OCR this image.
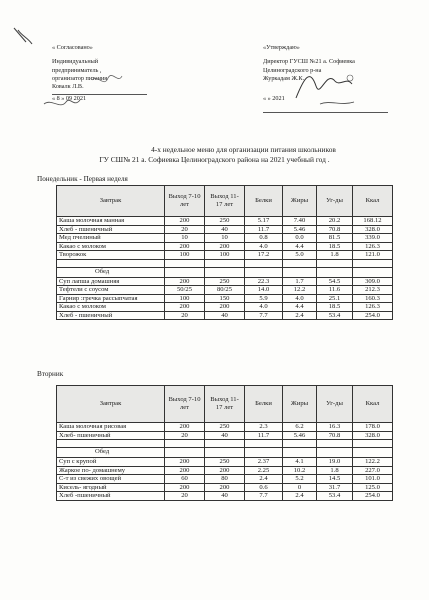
« Согласовано»
Индивидуальный
предприниматель ,
организатор питания
Ковалк Л.В.
« 8 » 09 2021
«Утверждаю»
Директор ГУСШ №21 а. Софиевка
Целиноградского р-на
Журкадам Ж.К.
« » 2021
4-х недельное меню для организации питания школьников
ГУ СШ№ 21 а. Софиевка Целиноградского района на 2021 учебный год .
Понедельник - Первая неделя
Завтрак	Выход 7-10 лет	Выход 11-17 лет	Белки	Жиры	Уг-ды	Ккал
Каша молочная манная	200	250	5.17	7.40	20.2	168.12
Хлеб - пшеничный	20	40	11.7	5.46	70.8	328.0
Мед пчелиный	10	10	0.8	0.0	81.5	339.0
Какао с молоком	200	200	4.0	4.4	18.5	126.3
Творожок	100	100	17.2	5.0	1.8	121.0

Обед						
Суп лапша домашняя	200	250	22.3	1.7	54.5	309.0
Тефтели с соусом	50/25	80/25	14.0	12.2	11.6	212.3
Гарнир :гречка рассыпчатая	100	150	5.9	4.0	25.1	160.3
Какао с молоком	200	200	4.0	4.4	18.5	126.3
Хлеб - пшеничный	20	40	7.7	2.4	53.4	254.0
Вторник
Завтрак	Выход 7-10 лет	Выход 11-17 лет	Белки	Жиры	Уг-ды	Ккал
Каша молочная рисовая	200	250	2.3	6.2	16.3	178.0
Хлеб- пшеничный	20	40	11.7	5.46	70.8	328.0

Обед						
Суп с крупой	200	250	2.37	4.1	19.0	122.2
Жаркое по- домашнему	200	200	2.25	10.2	1.8	227.0
С-т из свежих овощей	60	80	2.4	5.2	14.5	101.0
Кисель- ягодный	200	200	0.6	0	31.7	125.0
Хлеб -пшеничный	20	40	7.7	2.4	53.4	254.0
